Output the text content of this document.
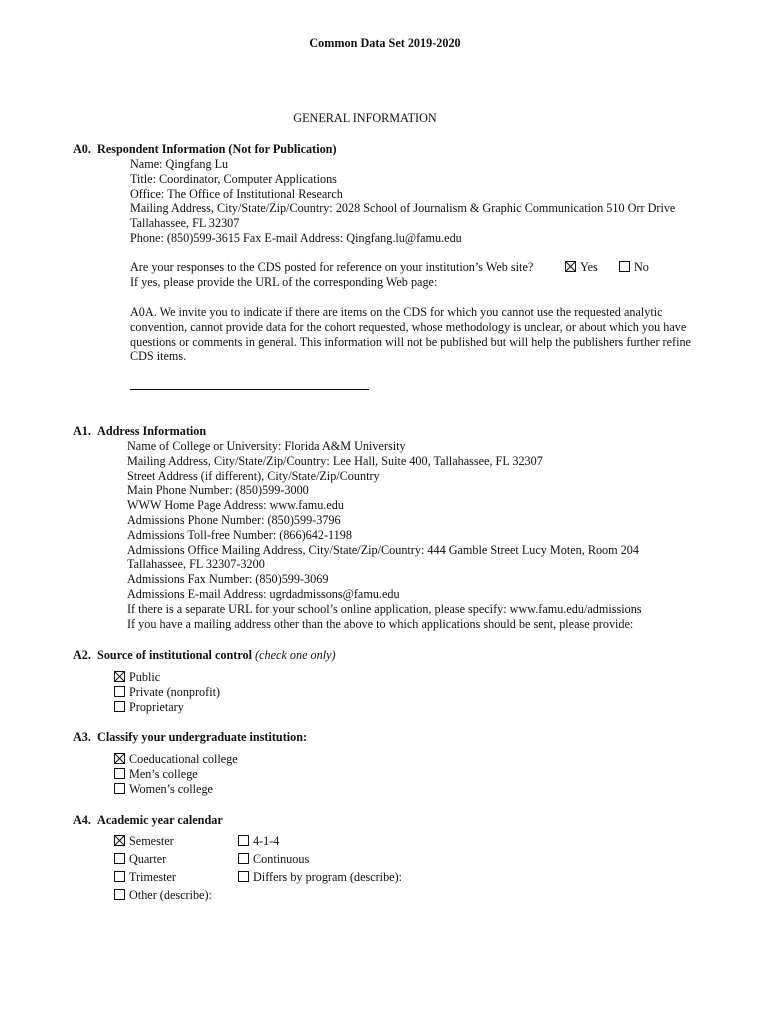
Common Data Set 2019-2020
GENERAL INFORMATION
A0. Respondent Information (Not for Publication)
Name: Qingfang Lu
Title: Coordinator, Computer Applications
Office: The Office of Institutional Research
Mailing Address, City/State/Zip/Country: 2028 School of Journalism & Graphic Communication 510 Orr Drive
Tallahassee, FL 32307
Phone: (850)599-3615 Fax E-mail Address: Qingfang.lu@famu.edu
Are your responses to the CDS posted for reference on your institution’s Web site?	Yes	No
If yes, please provide the URL of the corresponding Web page:
A0A. We invite you to indicate if there are items on the CDS for which you cannot use the requested analytic convention, cannot provide data for the cohort requested, whose methodology is unclear, or about which you have questions or comments in general. This information will not be published but will help the publishers further refine CDS items.
A1. Address Information
Name of College or University: Florida A&M University
Mailing Address, City/State/Zip/Country: Lee Hall, Suite 400, Tallahassee, FL 32307
Street Address (if different), City/State/Zip/Country
Main Phone Number: (850)599-3000
WWW Home Page Address: www.famu.edu
Admissions Phone Number: (850)599-3796
Admissions Toll-free Number: (866)642-1198
Admissions Office Mailing Address, City/State/Zip/Country: 444 Gamble Street Lucy Moten, Room 204
Tallahassee, FL 32307-3200
Admissions Fax Number: (850)599-3069
Admissions E-mail Address: ugrdadmissons@famu.edu
If there is a separate URL for your school’s online application, please specify: www.famu.edu/admissions
If you have a mailing address other than the above to which applications should be sent, please provide:
A2. Source of institutional control (check one only)
Public
Private (nonprofit)
Proprietary
A3. Classify your undergraduate institution:
Coeducational college
Men’s college
Women’s college
A4. Academic year calendar
Semester
Quarter
Trimester
Other (describe):
4-1-4
Continuous
Differs by program (describe):
